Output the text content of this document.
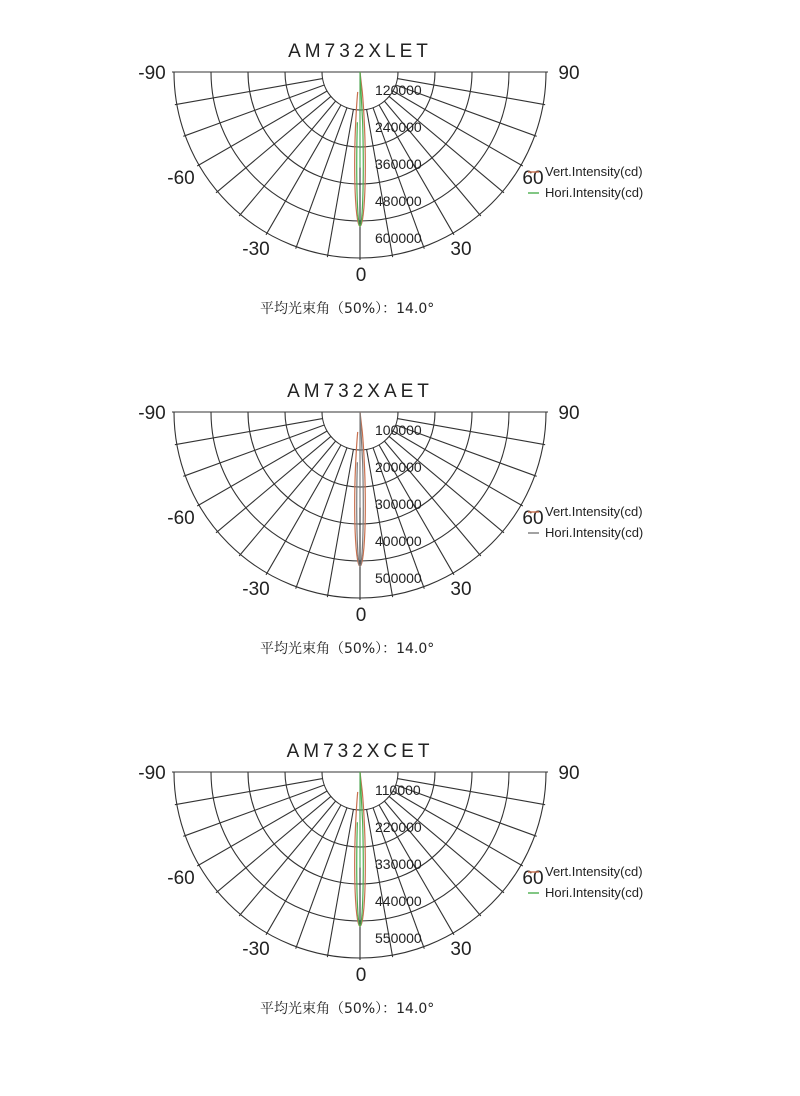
AM732XLET
-90	90
-60	60
-30	30
0
120000
240000
360000
480000
600000
Vert.Intensity(cd)
Hori.Intensity(cd)
平均光束角（50%）：14.0°
AM732XAET
-90	90
-60	60
-30	30
0
100000
200000
300000
400000
500000
Vert.Intensity(cd)
Hori.Intensity(cd)
平均光束角（50%）：14.0°
AM732XCET
-90	90
-60	60
-30	30
0
110000
220000
330000
440000
550000
Vert.Intensity(cd)
Hori.Intensity(cd)
平均光束角（50%）：14.0°
